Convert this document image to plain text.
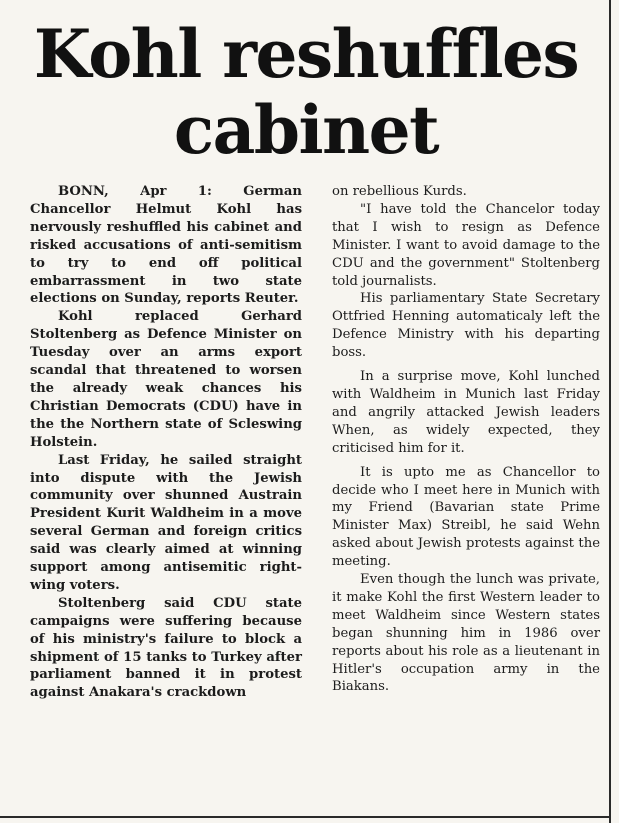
Kohl reshuffles cabinet

BONN, Apr 1: German Chancellor Helmut Kohl has nervously reshuffled his cabinet and risked accusations of anti-semitism to try to end off political embarrassment in two state elections on Sunday, reports Reuter.

Kohl replaced Gerhard Stoltenberg as Defence Minister on Tuesday over an arms export scandal that threatened to worsen the already weak chances his Christian Democrats (CDU) have in the the Northern state of Scleswing Holstein.

Last Friday, he sailed straight into dispute with the Jewish community over shunned Austrain President Kurit Waldheim in a move several German and foreign critics said was clearly aimed at winning support among antisemitic right-wing voters.

Stoltenberg said CDU state campaigns were suffering because of his ministry's failure to block a shipment of 15 tanks to Turkey after parliament banned it in protest against Anakara's crackdown

on rebellious Kurds.

"I have told the Chancelor today that I wish to resign as Defence Minister. I want to avoid damage to the CDU and the government" Stoltenberg told journalists.

His parliamentary State Secretary Ottfried Henning automaticaly left the Defence Ministry with his departing boss.

In a surprise move, Kohl lunched with Waldheim in Munich last Friday and angrily attacked Jewish leaders When, as widely expected, they criticised him for it.

It is upto me as Chancellor to decide who I meet here in Munich with my Friend (Bavarian state Prime Minister Max) Streibl, he said Wehn asked about Jewish protests against the meeting.

Even though the lunch was private, it make Kohl the first Western leader to meet Waldheim since Western states began shunning him in 1986 over reports about his role as a lieutenant in Hitler's occupation army in the Biakans.
